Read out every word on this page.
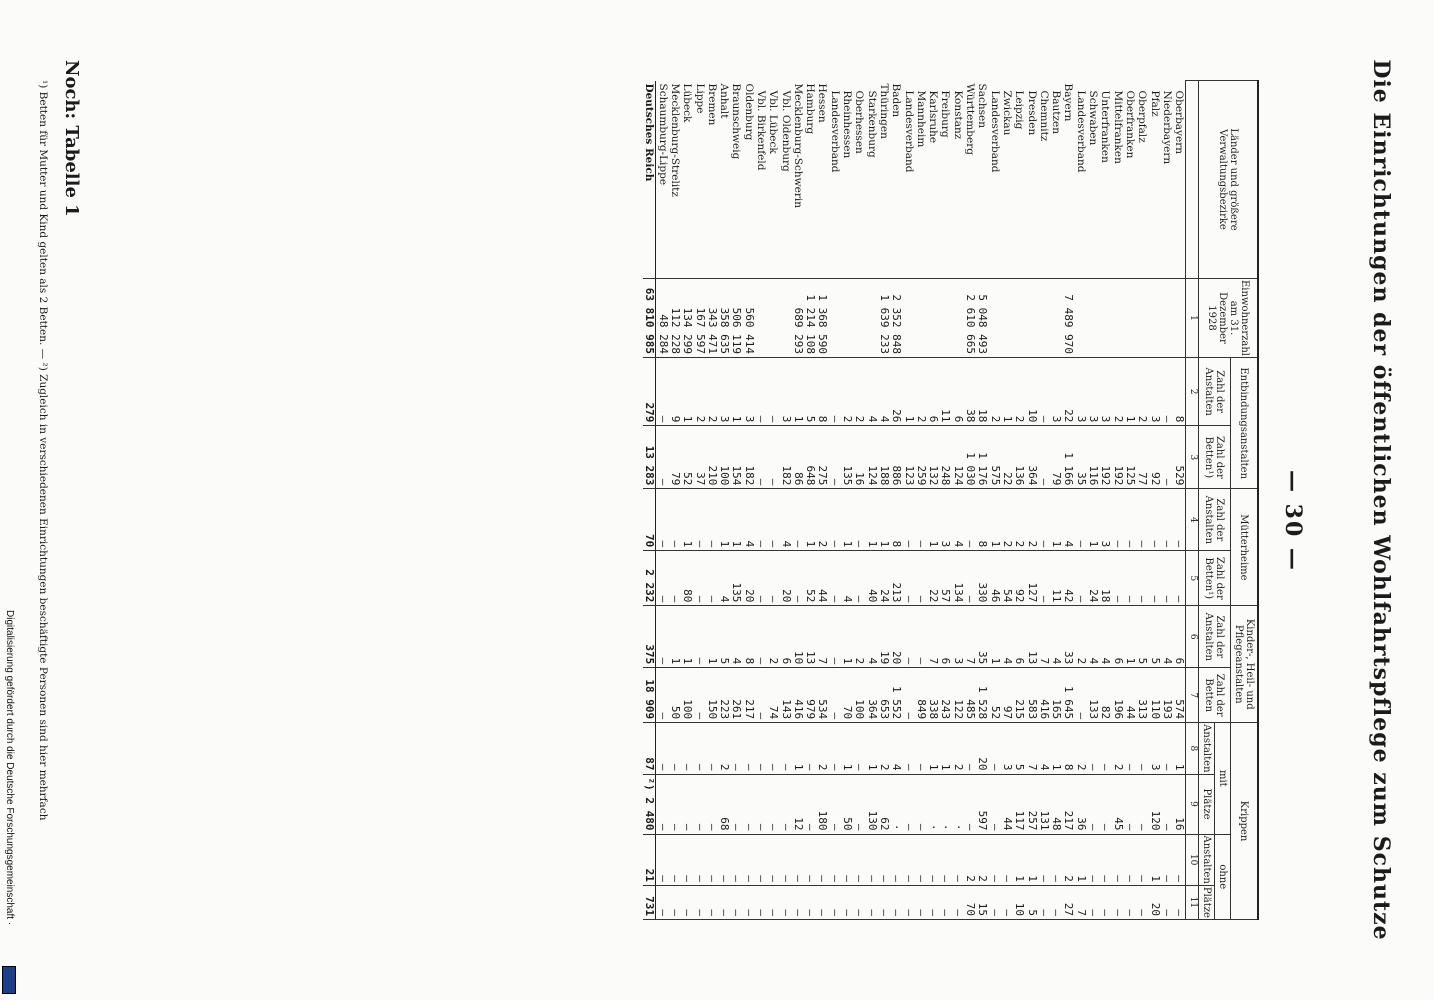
— 30 —	Die Einrichtungen der öffentlichen Wohlfahrtspflege zum Schutze
Länder und größere Verwaltungsbezirke	Einwohnerzahl am 31. Dezember 1928	Entbindungsanstalten		Mütterheime		Kinder-, Heil- und Pflegeanstalten		Krippen			
		Zahl der Anstalten	Zahl der Betten¹)	Zahl der Anstalten	Zahl der Betten¹)	Zahl der Anstalten	Zahl der Betten	mit		ohne	
								Anstalten	Plätze	Anstalten	Plätze
	1	2	3	4	5	6	7	8	9	10	11
Oberbayern		8	529	—	—	6	574	1	16	—	—
Niederbayern		—	—	—	—	4	193	—	—	—	—
Pfalz		3	92	—	—	5	110	3	120	1	20
Oberpfalz		2	77	—	—	5	313	—	—	—	—
Oberfranken		1	125	—	—	1	44	—	—	—	—
Mittelfranken		2	192	—	—	6	196	2	45	—	—
Unterfranken		3	192	3	18	4	82	—	—	—	—
Schwaben		3	116	1	24	4	133	—	—	—	—
Landesverband		3	35	—	—	2	—	2	36	1	7
Bayern	7 489 970	22	1 166	4	42	33	1 645	8	217	2	27
Bautzen		3	79	1	11	4	165	1	48	—	—
Chemnitz		—	—	—	—	7	416	4	131	—	—
Dresden		10	364	2	127	13	583	7	257	1	5
Leipzig		2	136	2	92	6	215	5	117	1	10
Zwickau		1	22	2	54	4	97	3	44	—	—
Landesverband		2	575	1	46	1	52	—	—	—	—
Sachsen	5 048 493	18	1 176	8	330	35	1 528	20	597	2	15
Württemberg	2 610 665	38	1 030	—	—	7	485	—	—	2	70
Konstanz		6	124	4	134	3	122	2	·	—	—
Freiburg		11	248	3	57	6	243	1	·	—	—
Karlsruhe		6	132	1	22	7	338	1	·	—	—
Mannheim		2	259	—	—	—	849	—	—	—	—
Landesverband		1	123	—	—	—	—	—	—	—	—
Baden	2 352 848	26	886	8	213	20	1 552	4	·	—	—
Thüringen	1 639 233	4	188	1	24	19	653	2	62	—	—
Starkenburg		4	124	1	40	4	364	1	130	—	—
Oberhessen		2	16	—	—	2	100	—	—	—	—
Rheinhessen		2	135	1	4	1	70	1	50	—	—
Landesverband		—	—	—	—	—	—	—	—	—	—
Hessen	1 368 590	8	275	2	44	7	534	2	180	—	—
Hamburg	1 214 108	5	648	1	52	13	979	—	—	—	—
Mecklenburg-Schwerin	689 293	1	86	—	—	10	416	1	12	—	—
Vbl. Oldenburg		3	182	4	20	6	143	—	—	—	—
Vbl. Lübeck		—	—	—	—	2	74	—	—	—	—
Vbl. Birkenfeld		—	—	—	—	—	—	—	—	—	—
Oldenburg	560 414	3	182	4	20	8	217	—	—	—	—
Braunschweig	506 119	1	154	1	135	4	261	—	—	—	—
Anhalt	358 635	3	100	1	4	5	223	2	68	—	—
Bremen	343 471	2	210	—	—	1	150	—	—	—	—
Lippe	167 597	2	37	—	—	—	—	—	—	—	—
Lübeck	134 299	1	52	1	80	1	100	—	—	—	—
Mecklenburg-Strelitz	112 228	9	79	—	—	1	50	—	—	—	—
Schaumburg-Lippe	48 284	—	—	—	—	—	—	—	—	—	—
Deutsches Reich	63 810 985	279	13 283	70	2 232	375	18 909	87	²) 2 480	21	731
Noch: Tabelle 1
¹) Betten für Mutter und Kind gelten als 2 Betten. — ²) Zugleich in verschiedenen Einrichtungen beschäftigte Personen sind hier mehrfach
Digitalisierung gefördert durch die Deutsche Forschungsgemeinschaft ·
